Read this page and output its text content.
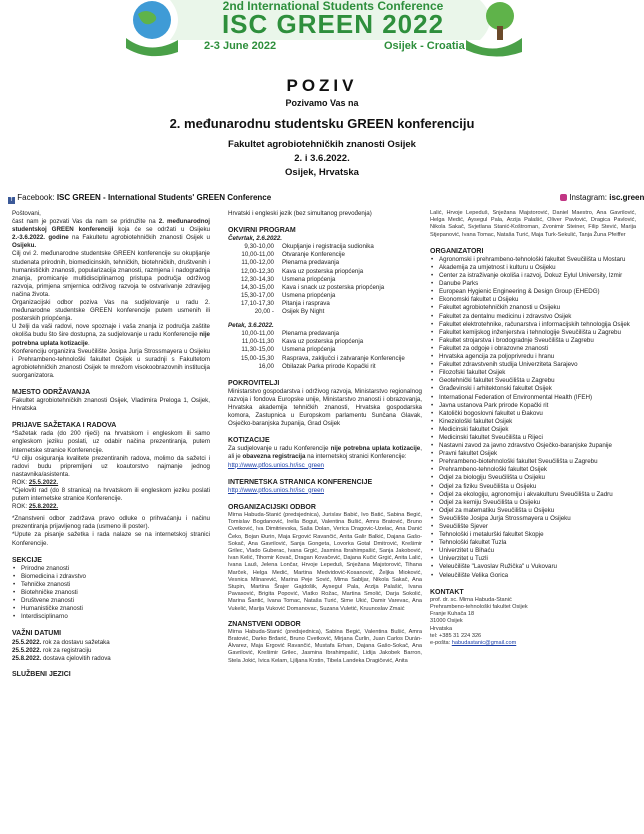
2nd International Students Conference
ISC GREEN 2022
2-3 June 2022	Osijek - Croatia
POZIV
Pozivamo Vas na
2. međunarodnu studentsku GREEN konferenciju
Fakultet agrobiotehničkih znanosti Osijek
2. i 3.6.2022.
Osijek, Hrvatska
f Facebook: ISC GREEN - International Students' GREEN Conference	Instagram: isc.green

Poštovani,

čast nam je pozvati Vas da nam se pridružite na 2. međunarodnoj studentskoj GREEN konferenciji koja će se održati u Osijeku 2.-3.6.2022. godine na Fakultetu agrobiotehničkih znanosti Osijek u Osijeku.

Cilj ovi 2. međunarodne studentske GREEN konferencije su okupljanje studenata prirodnih, biomedicinskih, tehničkih, biotehničkih, društvenih i humanističkih znanosti, popularizacija znanosti, razmjena i nadogradnja znanja, promicanje multidisciplinarnog pristupa područja održivog razvoja, primjena smjernica održivog razvoja te ostvarivanje zdravijeg načina života.

Organizacijski odbor poziva Vas na sudjelovanje u radu 2. međunarodne studentske GREEN konferencije putem usmenih ili posterskih priopćenja.

U želji da vaši radovi, nove spoznaje i vaša znanja iz područja zaštite okoliša budu što šire dostupna, za sudjelovanje u radu Konferencije nije potrebna uplata kotizacije.

Konferenciju organizira Sveučilište Josipa Jurja Strossmayera u Osijeku i Prehrambeno-tehnološki fakultet Osijek u suradnji s Fakultetom agrobiotehničkih znanosti Osijek te mrežom visokoobrazovnih institucija suorganizatora.

MJESTO ODRŽAVANJA

Fakultet agrobiotehničkih znanosti Osijek, Vladimira Preloga 1, Osijek, Hrvatska

PRIJAVE SAŽETAKA I RADOVA

*Sažetak rada (do 200 riječi) na hrvatskom i engleskom ili samo engleskom jeziku poslati, uz odabir načina prezentiranja, putem internetske stranice Konferencije.

*U cilju osiguranja kvalitete prezentiranih radova, molimo da sažetci i radovi budu pripremljeni uz koautorstvo najmanje jednog nastavnika/asistenta.

ROK: 25.5.2022.

*Cjeloviti rad (do 8 stranica) na hrvatskom ili engleskom jeziku poslati putem internetske stranice Konferencije.

ROK: 25.8.2022.

*Znanstveni odbor zadržava pravo odluke o prihvaćanju i načinu prezentiranja prijavljenog rada (usmeno ili poster).

*Upute za pisanje sažetka i rada nalaze se na internetskoj stranici Konferencije.

SEKCIJE

• Prirodne znanosti
• Biomedicina i zdravstvo
• Tehničke znanosti
• Biotehničke znanosti
• Društvene znanosti
• Humanističke znanosti
• Interdisciplinarno

VAŽNI DATUMI

25.5.2022. rok za dostavu sažetaka

25.5.2022. rok za registraciju

25.8.2022. dostava cjelovitih radova

SLUŽBENI JEZICI

Hrvatski i engleski jezik (bez simultanog prevođenja)

OKVIRNI PROGRAM

Četvrtak, 2.6.2022.

9,30-10,00 Okupljanje i registracija sudionika
10,00-11,00 Otvaranje Konferencije
11,00-12,00 Plenarna predavanja
12,00-12,30 Kava uz posterska priopćenja
12,30-14,30 Usmena priopćenja
14,30-15,00 Kava i snack uz posterska priopćenja
15,30-17,00 Usmena priopćenja
17,10-17,30 Pitanja i rasprava
20,00 - Osijek By Night

Petak, 3.6.2022.

10,00-11,00 Plenarna predavanja
11,00-11,30 Kava uz posterska priopćenja
11,30-15,00 Usmena priopćenja
15,00-15,30 Rasprava, zaključci i zatvaranje Konferencije
16,00 Obilazak Parka prirode Kopački rit

POKROVITELJI

Ministarstvo gospodarstva i održivog razvoja, Ministarstvo regionalnog razvoja i fondova Europske unije, Ministarstvo znanosti i obrazovanja, Hrvatska akademija tehničkih znanosti, Hrvatska gospodarska komora, Zastupnica u Europskom parlamentu Sunčana Glavak, Osječko-baranjska županija, Grad Osijek

KOTIZACIJE

Za sudjelovanje u radu Konferencije nije potrebna uplata kotizacije, ali je obavezna registracija na internetskoj stranici Konferencije:

http://www.ptfos.unios.hr/isc_green

INTERNETSKA STRANICA KONFERENCIJE

http://www.ptfos.unios.hr/isc_green

ORGANIZACIJSKI ODBOR

Mirna Habuda-Stanić (predsjednica), Jurislav Babić, Ivo Batić, Sabina Begić, Tomislav Bogdanović, Irella Bogut, Valentina Bušić, Amra Bratović, Bruno Cvetković, Iva Dimitrievska, Saša Dolan, Verica Dragovic-Uzelac, Ana Danić Čeko, Bojan Đurin, Maja Ergović Ravančić, Anita Galir Balkić, Dajana Gašo-Sokač, Ana Gavrilović, Sanja Gongeta, Lovorka Gotal Dmitrović, Krešimir Grilec, Vlado Guberac, Ivana Grgić, Jasmina Ibrahimpašić, Sanja Jakobović, Ivan Kelić, Tihomir Kovač, Dragan Kovačević, Dajana Kučić Grgić, Anita Lalić, Ivana Lauš, Jelena Lončar, Hrvoje Lepeduš, Snježana Majstorović, Tihana Marček, Helga Medić, Martina Medvidović-Kosanović, Željka Mioković, Vesnica Mlinarević, Marina Peje Sović, Mima Sabljar, Nikola Sakač, Ana Stupin, Martina Šrajer Gajdošik, Aysegul Pala, Arzija Palašić, Ivana Pavasović, Brigita Popović, Vlatko Rožac, Martina Smolić, Darja Sokolić, Marina Šantić, Ivana Tomac, Nataša Turić, Sime Ukić, Damir Varevac, Ana Vukelić, Marija Vuković Domanovac, Suzana Vuletić, Kruunoslav Zmaić

ZNANSTVENI ODBOR

Mirna Habuda-Stanić (predsjednica), Sabina Begić, Valentina Bušić, Amra Bratović, Darko Brđarić, Bruno Cvetković, Mirjana Čurlin, Juan Carlos Durán-Álvarez, Maja Ergović Ravančić, Mustafa Erhan, Dajana Gašo-Sokač, Ana Gavrilović, Krešimir Grilec, Jasmina Ibrahimpašić, Lidija Jakobek Barron, Stela Jokić, Ivica Kelam, Ljiljana Krstin, Tibela Landeka Dragičević, Anita

Lalić, Hrvoje Lepeduš, Snježana Majstorović, Daniel Maestro, Ana Gavrilović, Helga Medić, Aysegul Pala, Arzija Palašić, Oliver Pavlović, Dragica Pavlović, Nikola Sakač, Svjetlana Stanić-Koštroman, Zvonimir Steiner, Filip Stević, Marija Stjepanović, Ivana Tomac, Nataša Turić, Maja Turk-Sekulić, Tanja Žuna Pfeiffer

ORGANIZATORI

• Agronomski i prehrambeno-tehnološki fakultet Sveučilišta u Mostaru
• Akademija za umjetnost i kulturu u Osijeku
• Center za istraživanje okoliša i razvoj, Dokuz Eylul University, Izmir
• Danube Parks
• European Hygienic Engineering & Design Group (EHEDG)
• Ekonomski fakultet u Osijeku
• Fakultet agrobiotehničkih znanosti u Osijeku
• Fakultet za dentalnu medicinu i zdravstvo Osijek
• Fakultet elektrotehnike, računarstva i informacijskih tehnologija Osijek
• Fakultet kemijskog inženjerstva i tehnologije Sveučilišta u Zagrebu
• Fakultet strojarstva i brodogradnje Sveučilišta u Zagrebu
• Fakultet za odgoje i obrazovne znanosti
• Hrvatska agencija za poljoprivredu i hranu
• Fakultet zdravstvenih studija Univerziteta Sarajevo
• Filozofski fakultet Osijek
• Geotehnički fakultet Sveučilišta u Zagrebu
• Građevinski i arhitektonski fakultet Osijek
• International Federation of Environmental Health (IFEH)
• Javna ustanova Park prirode Kopački rit
• Katolički bogoslovni fakultet u Đakovu
• Kineziološki fakultet Osijek
• Medicinski fakultet Osijek
• Medicinski fakultet Sveučilišta u Rijeci
• Nastavni zavod za javno zdravstvo Osječko-baranjske županije
• Pravni fakultet Osijek
• Prehrambeno-biotehnološki fakultet Sveučilišta u Zagrebu
• Prehrambeno-tehnološki fakultet Osijek
• Odjel za biologiju Sveučilišta u Osijeku
• Odjel za fiziku Sveučilišta u Osijeku
• Odjel za ekologiju, agronomiju i akvakulturu Sveučilišta u Zadru
• Odjel za kemiju Sveučilišta u Osijeku
• Odjel za matematiku Sveučilišta u Osijeku
• Sveučilište Josipa Jurja Strossmayera u Osijeku
• Sveučilište Sjever
• Tehnološki i metalurški fakultet Skopje
• Tehnološki fakultet Tuzla
• Univerzitet u Bihaću
• Univerzitet u Tuzli
• Veleučilište "Lavoslav Ružička" u Vukovaru
• Veleučilište Velika Gorica

KONTAKT

prof. dr. sc. Mirna Habuda-Stanić

Prehrambeno-tehnološki fakultet Osijek

Franje Kuhača 18

31000 Osijek

Hrvatska

tel: +385 31 224 326

e-pošta: habudastanic@gmail.com
